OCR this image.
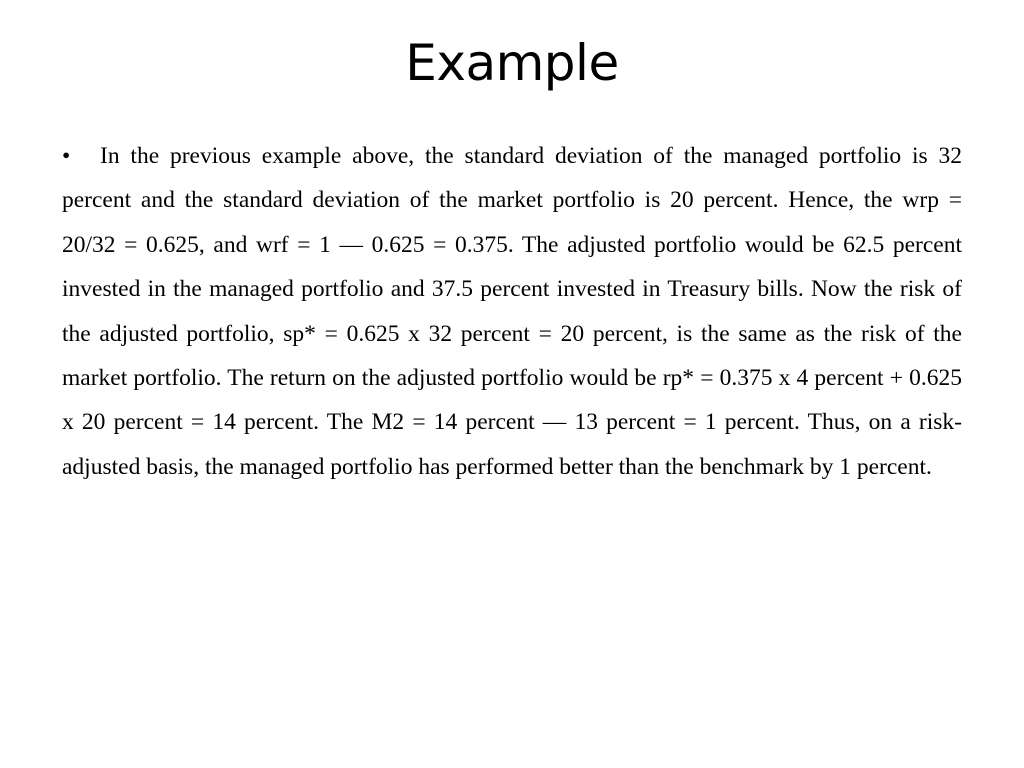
Example
• In the previous example above, the standard deviation of the managed portfolio is 32 percent and the standard deviation of the market portfolio is 20 percent. Hence, the wrp = 20/32 = 0.625, and wrf = 1 — 0.625 = 0.375. The adjusted portfolio would be 62.5 percent invested in the managed portfolio and 37.5 percent invested in Treasury bills. Now the risk of the adjusted portfolio, sp* = 0.625 x 32 percent = 20 percent, is the same as the risk of the market portfolio. The return on the adjusted portfolio would be rp* = 0.375 x 4 percent + 0.625 x 20 percent = 14 percent. The M2 = 14 percent — 13 percent = 1 percent. Thus, on a risk-adjusted basis, the managed portfolio has performed better than the benchmark by 1 percent.
